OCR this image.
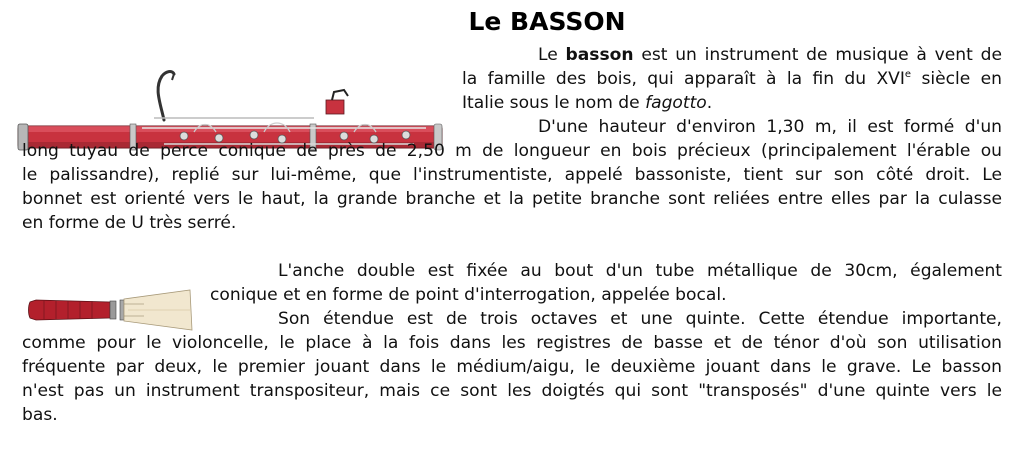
Le BASSON
Le basson est un instrument de musique à vent de
la famille des bois, qui apparaît à la fin du XVIe siècle en
Italie sous le nom de fagotto.
D'une hauteur d'environ 1,30 m, il est formé d'un
long tuyau de perce conique de près de 2,50 m de longueur en bois précieux (principalement l'érable ou
le palissandre), replié sur lui-même, que l'instrumentiste, appelé bassoniste, tient sur son côté droit. Le
bonnet est orienté vers le haut, la grande branche et la petite branche sont reliées entre elles par la culasse
en forme de U très serré.
L'anche double est fixée au bout d'un tube métallique de 30cm, également
conique et en forme de point d'interrogation, appelée bocal.
Son étendue est de trois octaves et une quinte. Cette étendue importante,
comme pour le violoncelle, le place à la fois dans les registres de basse et de ténor d'où son utilisation
fréquente par deux, le premier jouant dans le médium/aigu, le deuxième jouant dans le grave. Le basson
n'est pas un instrument transpositeur, mais ce sont les doigtés qui sont "transposés" d'une quinte vers le
bas.
